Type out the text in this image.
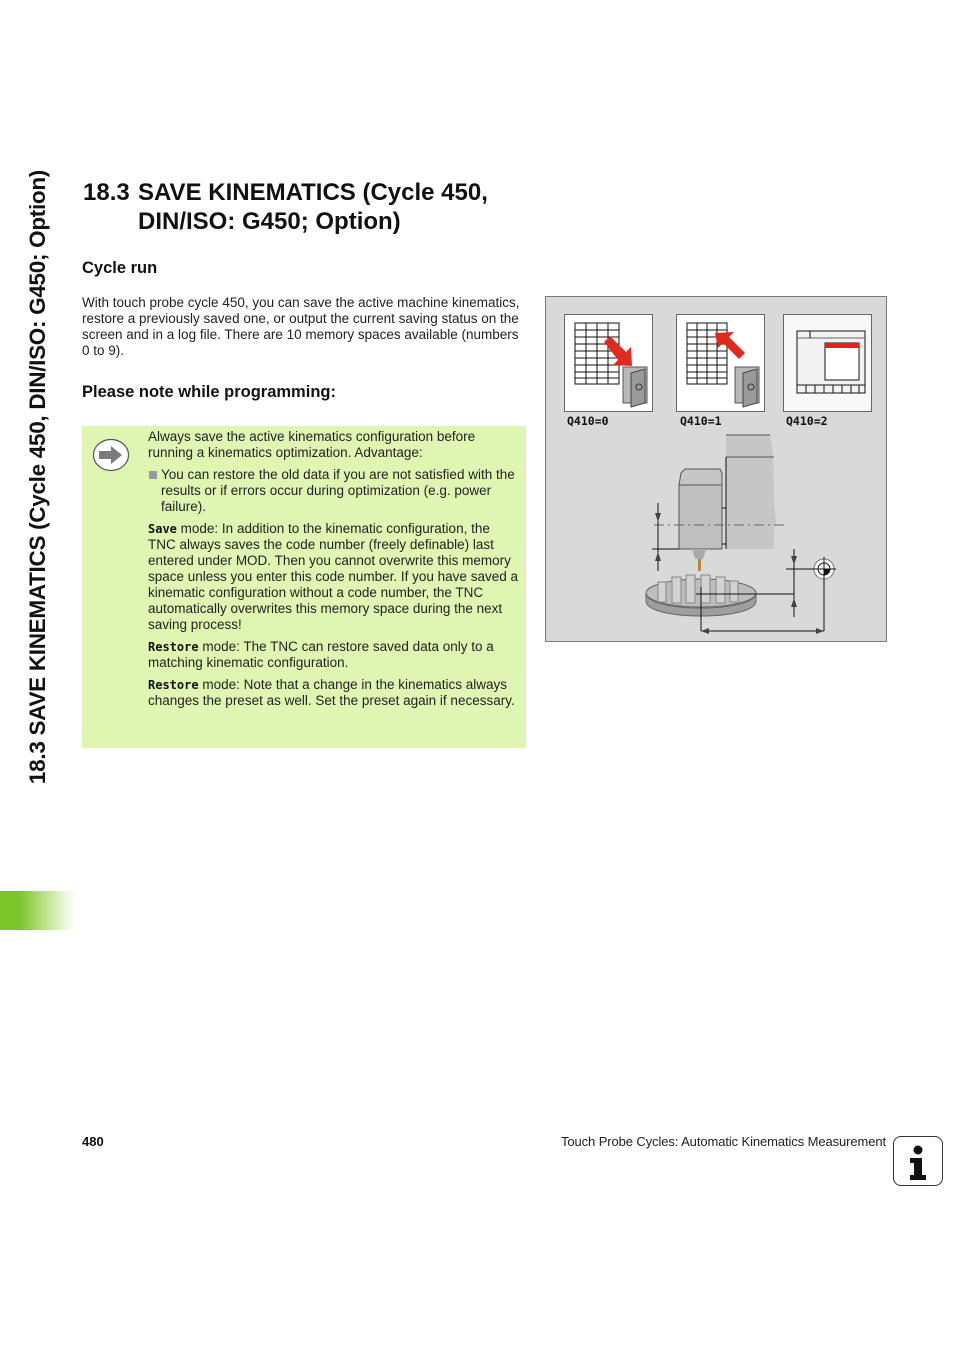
18.3 SAVE KINEMATICS (Cycle 450, DIN/ISO: G450; Option) 18.3 SAVE KINEMATICS (Cycle 450,
DIN/ISO: G450; Option)
Cycle run
With touch probe cycle 450, you can save the active machine kinematics, restore a previously saved one, or output the current saving status on the screen and in a log file. There are 10 memory spaces available (numbers 0 to 9).
Please note while programming:

Always save the active kinematics configuration before running a kinematics optimization. Advantage:

You can restore the old data if you are not satisfied with the results or if errors occur during optimization (e.g. power failure).

Save mode: In addition to the kinematic configuration, the TNC always saves the code number (freely definable) last entered under MOD. Then you cannot overwrite this memory space unless you enter this code number. If you have saved a kinematic configuration without a code number, the TNC automatically overwrites this memory space during the next saving process!

Restore mode: The TNC can restore saved data only to a matching kinematic configuration.

Restore mode: Note that a change in the kinematics always changes the preset as well. Set the preset again if necessary.

Q410=0	Q410=1	Q410=2
480	Touch Probe Cycles: Automatic Kinematics Measurement
